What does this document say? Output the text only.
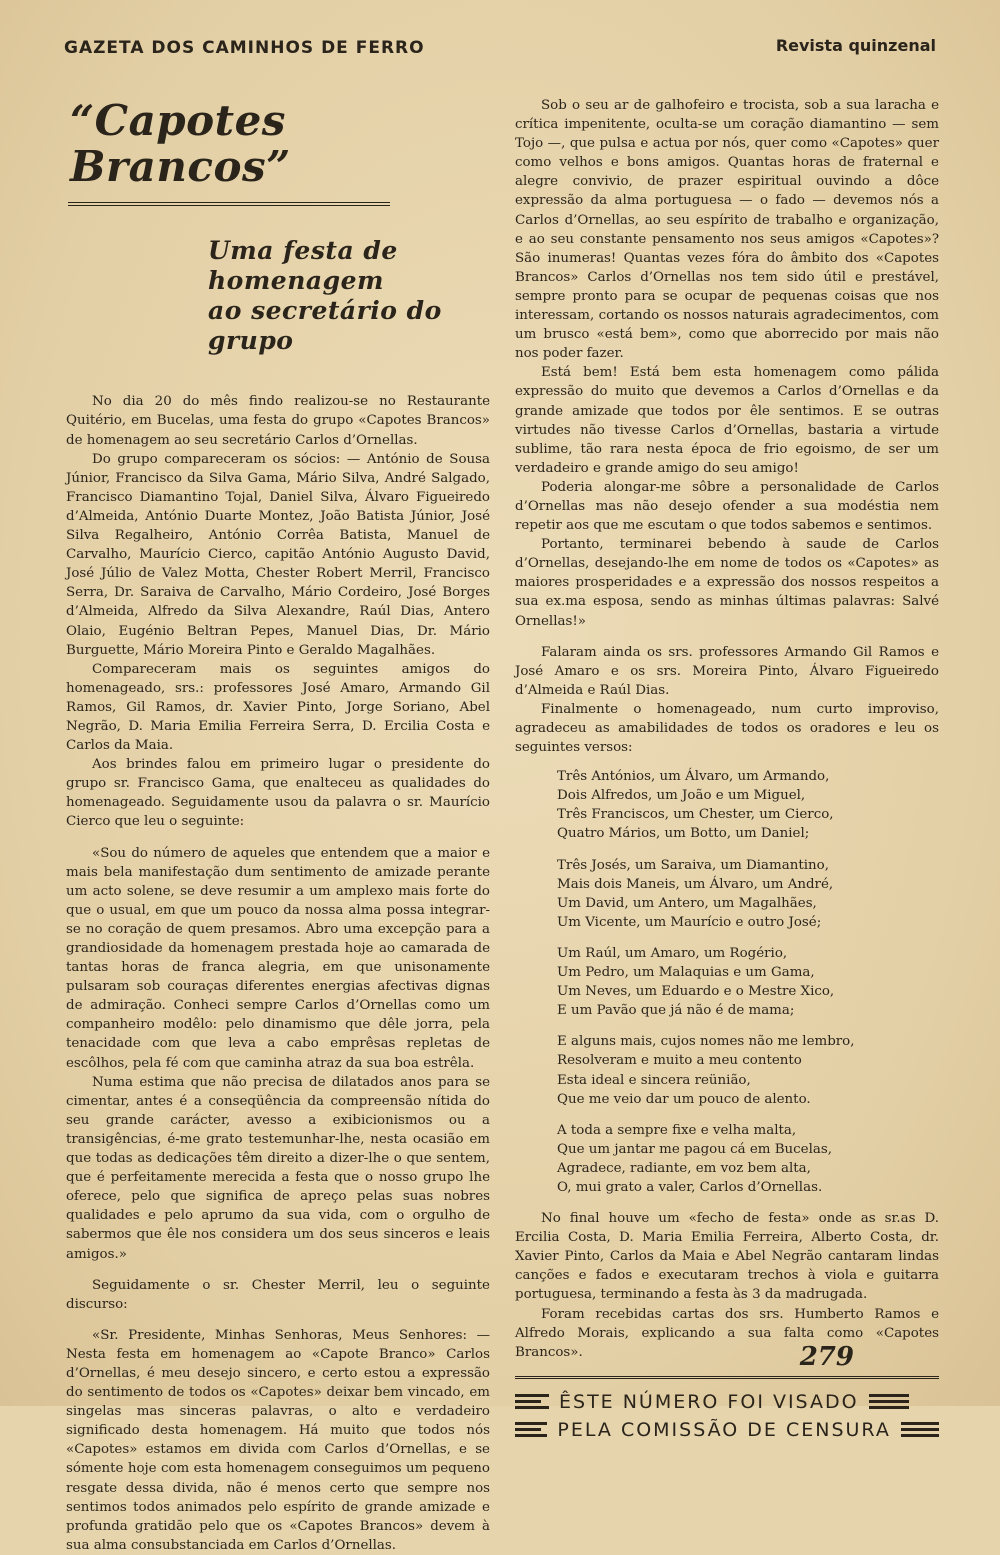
GAZETA DOS CAMINHOS DE FERRO	Revista quinzenal
“Capotes Brancos”
Uma festa de homenagem
ao secretário do grupo

No dia 20 do mês findo realizou-se no Restaurante Quitério, em Bucelas, uma festa do grupo «Capotes Brancos» de homenagem ao seu secretário Carlos d’Ornellas.

Do grupo compareceram os sócios: — António de Sousa Júnior, Francisco da Silva Gama, Mário Silva, André Salgado, Francisco Diamantino Tojal, Daniel Silva, Álvaro Figueiredo d’Almeida, António Duarte Montez, João Batista Júnior, José Silva Regalheiro, António Corrêa Batista, Manuel de Carvalho, Maurício Cierco, capitão António Augusto David, José Júlio de Valez Motta, Chester Robert Merril, Francisco Serra, Dr. Saraiva de Carvalho, Mário Cordeiro, José Borges d’Almeida, Alfredo da Silva Alexandre, Raúl Dias, Antero Olaio, Eugénio Beltran Pepes, Manuel Dias, Dr. Mário Burguette, Mário Moreira Pinto e Geraldo Magalhães.

Compareceram mais os seguintes amigos do homenageado, srs.: professores José Amaro, Armando Gil Ramos, Gil Ramos, dr. Xavier Pinto, Jorge Soriano, Abel Negrão, D. Maria Emilia Ferreira Serra, D. Ercilia Costa e Carlos da Maia.

Aos brindes falou em primeiro lugar o presidente do grupo sr. Francisco Gama, que enalteceu as qualidades do homenageado. Seguidamente usou da palavra o sr. Maurício Cierco que leu o seguinte:

«Sou do número de aqueles que entendem que a maior e mais bela manifestação dum sentimento de amizade perante um acto solene, se deve resumir a um amplexo mais forte do que o usual, em que um pouco da nossa alma possa integrar-se no coração de quem presamos. Abro uma excepção para a grandiosidade da homenagem prestada hoje ao camarada de tantas horas de franca alegria, em que unisonamente pulsaram sob couraças diferentes energias afectivas dignas de admiração. Conheci sempre Carlos d’Ornellas como um companheiro modêlo: pelo dinamismo que dêle jorra, pela tenacidade com que leva a cabo emprêsas repletas de escôlhos, pela fé com que caminha atraz da sua boa estrêla.

Numa estima que não precisa de dilatados anos para se cimentar, antes é a conseqüência da compreensão nítida do seu grande carácter, avesso a exibicionismos ou a transigências, é-me grato testemunhar-lhe, nesta ocasião em que todas as dedicações têm direito a dizer-lhe o que sentem, que é perfeitamente merecida a festa que o nosso grupo lhe oferece, pelo que significa de apreço pelas suas nobres qualidades e pelo aprumo da sua vida, com o orgulho de sabermos que êle nos considera um dos seus sinceros e leais amigos.»

Seguidamente o sr. Chester Merril, leu o seguinte discurso:

«Sr. Presidente, Minhas Senhoras, Meus Senhores: — Nesta festa em homenagem ao «Capote Branco» Carlos d’Ornellas, é meu desejo sincero, e certo estou a expressão do sentimento de todos os «Capotes» deixar bem vincado, em singelas mas sinceras palavras, o alto e verdadeiro significado desta homenagem. Há muito que todos nós «Capotes» estamos em divida com Carlos d’Ornellas, e se sómente hoje com esta homenagem conseguimos um pequeno resgate dessa divida, não é menos certo que sempre nos sentimos todos animados pelo espírito de grande amizade e profunda gratidão pelo que os «Capotes Brancos» devem à sua alma consubstanciada em Carlos d’Ornellas.

Sob o seu ar de galhofeiro e trocista, sob a sua laracha e crítica impenitente, oculta-se um coração diamantino — sem Tojo —, que pulsa e actua por nós, quer como «Capotes» quer como velhos e bons amigos. Quantas horas de fraternal e alegre convivio, de prazer espiritual ouvindo a dôce expressão da alma portuguesa — o fado — devemos nós a Carlos d’Ornellas, ao seu espírito de trabalho e organização, e ao seu constante pensamento nos seus amigos «Capotes»? São inumeras! Quantas vezes fóra do âmbito dos «Capotes Brancos» Carlos d’Ornellas nos tem sido útil e prestável, sempre pronto para se ocupar de pequenas coisas que nos interessam, cortando os nossos naturais agradecimentos, com um brusco «está bem», como que aborrecido por mais não nos poder fazer.

Está bem! Está bem esta homenagem como pálida expressão do muito que devemos a Carlos d’Ornellas e da grande amizade que todos por êle sentimos. E se outras virtudes não tivesse Carlos d’Ornellas, bastaria a virtude sublime, tão rara nesta época de frio egoismo, de ser um verdadeiro e grande amigo do seu amigo!

Poderia alongar-me sôbre a personalidade de Carlos d’Ornellas mas não desejo ofender a sua modéstia nem repetir aos que me escutam o que todos sabemos e sentimos.

Portanto, terminarei bebendo à saude de Carlos d’Ornellas, desejando-lhe em nome de todos os «Capotes» as maiores prosperidades e a expressão dos nossos respeitos a sua ex.ma esposa, sendo as minhas últimas palavras: Salvé Ornellas!»

Falaram ainda os srs. professores Armando Gil Ramos e José Amaro e os srs. Moreira Pinto, Álvaro Figueiredo d’Almeida e Raúl Dias.

Finalmente o homenageado, num curto improviso, agradeceu as amabilidades de todos os oradores e leu os seguintes versos:

Três Antónios, um Álvaro, um Armando,
Dois Alfredos, um João e um Miguel,
Três Franciscos, um Chester, um Cierco,
Quatro Mários, um Botto, um Daniel;
Três Josés, um Saraiva, um Diamantino,
Mais dois Maneis, um Álvaro, um André,
Um David, um Antero, um Magalhães,
Um Vicente, um Maurício e outro José;
Um Raúl, um Amaro, um Rogério,
Um Pedro, um Malaquias e um Gama,
Um Neves, um Eduardo e o Mestre Xico,
E um Pavão que já não é de mama;
E alguns mais, cujos nomes não me lembro,
Resolveram e muito a meu contento
Esta ideal e sincera reünião,
Que me veio dar um pouco de alento.
A toda a sempre fixe e velha malta,
Que um jantar me pagou cá em Bucelas,
Agradece, radiante, em voz bem alta,
O, mui grato a valer, Carlos d’Ornellas.

No final houve um «fecho de festa» onde as sr.as D. Ercilia Costa, D. Maria Emilia Ferreira, Alberto Costa, dr. Xavier Pinto, Carlos da Maia e Abel Negrão cantaram lindas canções e fados e executaram trechos à viola e guitarra portuguesa, terminando a festa às 3 da madrugada.

Foram recebidas cartas dos srs. Humberto Ramos e Alfredo Morais, explicando a sua falta como «Capotes Brancos».

ÊSTE NÚMERO FOI VISADO
PELA COMISSÃO DE CENSURA
279
